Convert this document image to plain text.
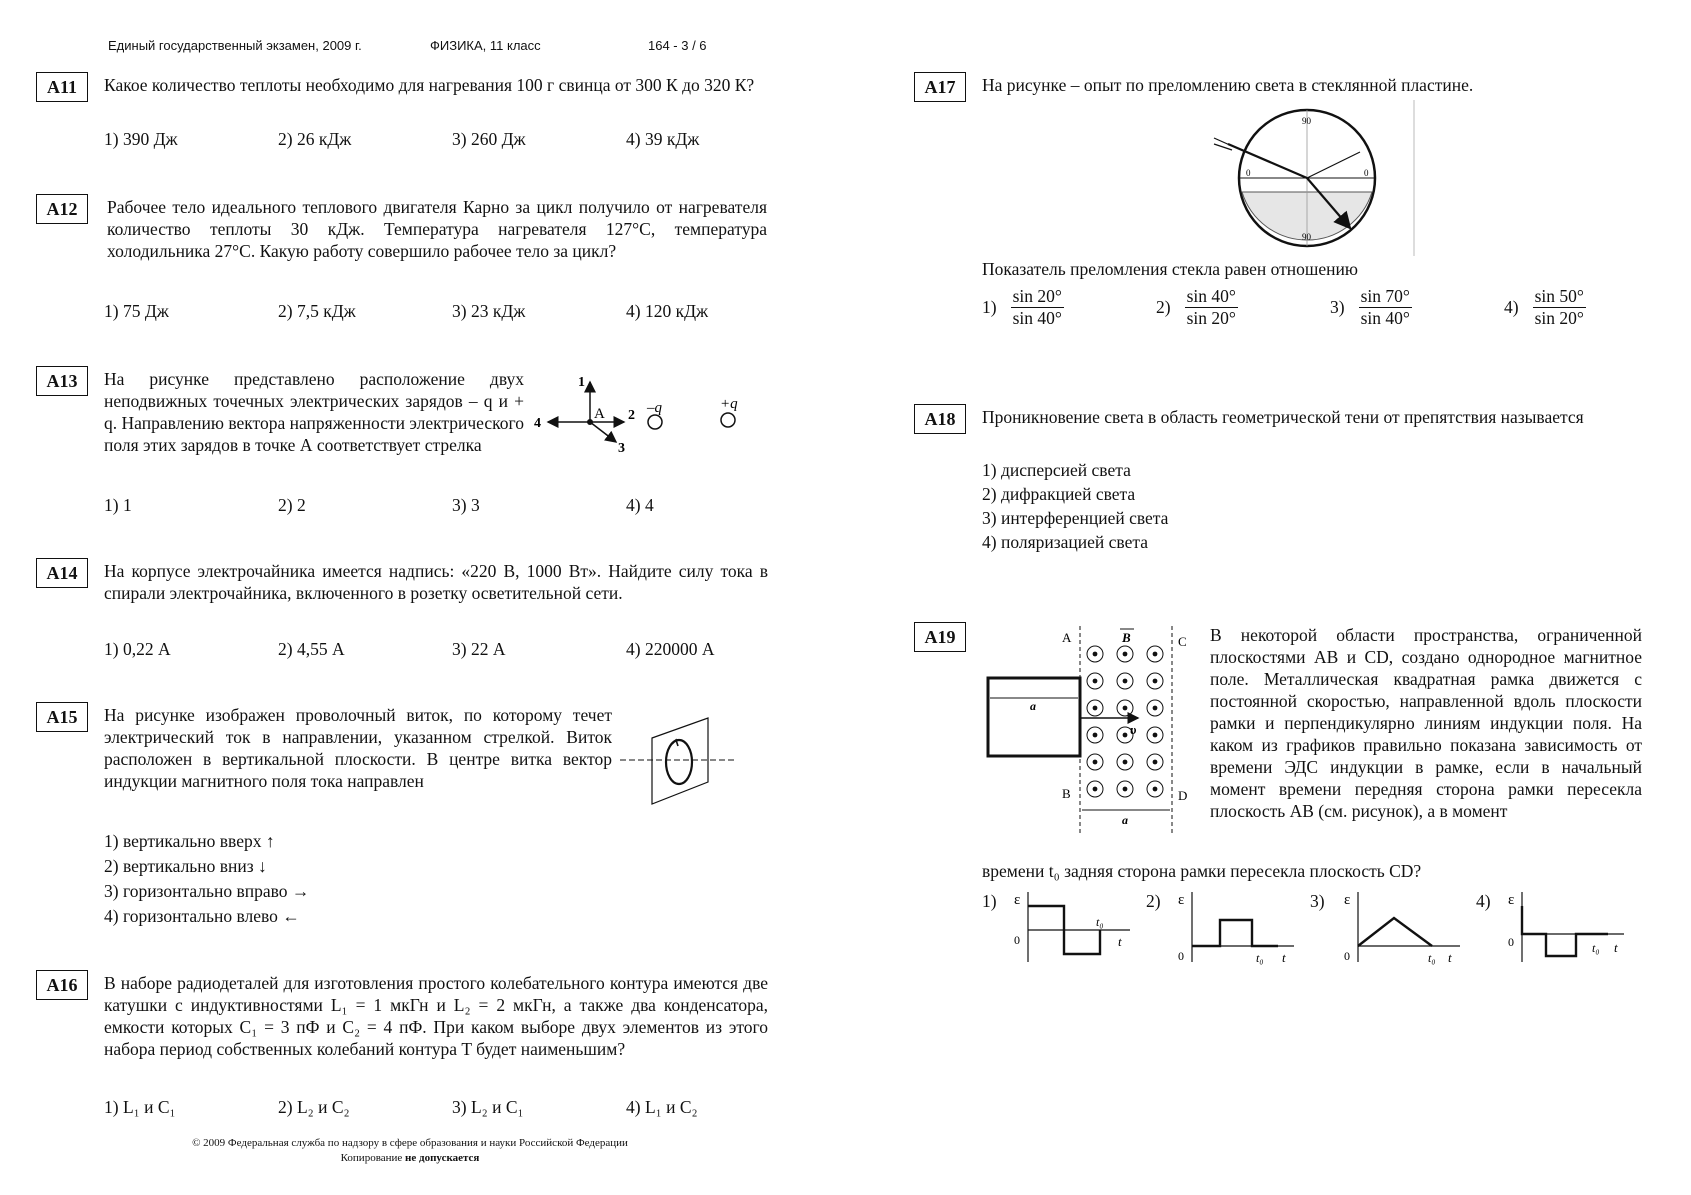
Единый государственный экзамен, 2009 г.	ФИЗИКА, 11 класс	164 - 3 / 6
A11	Какое количество теплоты необходимо для нагревания 100 г свинца от 300 К до 320 К?
1) 390 Дж	2) 26 кДж	3) 260 Дж	4) 39 кДж
A12	Рабочее тело идеального теплового двигателя Карно за цикл получило от нагревателя количество теплоты 30 кДж. Температура нагревателя 127°С, температура холодильника 27°С. Какую работу совершило рабочее тело за цикл?
1) 75 Дж	2) 7,5 кДж	3) 23 кДж	4) 120 кДж
A13	На рисунке представлено расположение двух неподвижных точечных электрических зарядов – q и + q. Направлению вектора напряженности электрического поля этих зарядов в точке А соответствует стрелка
1
2
3
4
A	–q	+q
1) 1	2) 2	3) 3	4) 4
A14	На корпусе электрочайника имеется надпись: «220 В, 1000 Вт». Найдите силу тока в спирали электрочайника, включенного в розетку осветительной сети.
1) 0,22 А	2) 4,55 А	3) 22 А	4) 220000 А
A15	На рисунке изображен проволочный виток, по которому течет электрический ток в направлении, указанном стрелкой. Виток расположен в вертикальной плоскости. В центре витка вектор индукции магнитного поля тока направлен
1) вертикально вверх ↑
2) вертикально вниз ↓
3) горизонтально вправо →
4) горизонтально влево ←
A16	В наборе радиодеталей для изготовления простого колебательного контура имеются две катушки с индуктивностями L₁ = 1 мкГн и L₂ = 2 мкГн, а также два конденсатора, емкости которых C₁ = 3 пФ и C₂ = 4 пФ. При каком выборе двух элементов из этого набора период собственных колебаний контура T будет наименьшим?
1) L₁ и C₁	2) L₂ и C₂	3) L₂ и C₁	4) L₁ и C₂
© 2009 Федеральная служба по надзору в сфере образования и науки Российской Федерации
Копирование не допускается
A17	На рисунке – опыт по преломлению света в стеклянной пластине.
90
90
0	0
Показатель преломления стекла равен отношению
$1) \frac{\sin 20^\circ}{\sin 40^\circ}$	$2) \frac{\sin 40^\circ}{\sin 20^\circ}$	$3) \frac{\sin 70^\circ}{\sin 40^\circ}$	$4) \frac{\sin 50^\circ}{\sin 20^\circ}$
A18	Проникновение света в область геометрической тени от препятствия называется
1) дисперсией света
2) дифракцией света
3) интерференцией света
4) поляризацией света
A19	A
B
C
D
B
a
υ
a
В некоторой области пространства, ограниченной плоскостями AB и CD, создано однородное магнитное поле. Металлическая квадратная рамка движется с постоянной скоростью, направленной вдоль плоскости рамки и перпендикулярно линиям индукции поля. На каком из графиков правильно показана зависимость от времени ЭДС индукции в рамке, если в начальный момент времени передняя сторона рамки пересекла плоскость AB (см. рисунок), а в момент
времени t₀ задняя сторона рамки пересекла плоскость CD?
1) ε
0
t₀
t
2) ε
0	t₀ t
3) ε
0	t₀ t
4) ε
0	t₀ t
